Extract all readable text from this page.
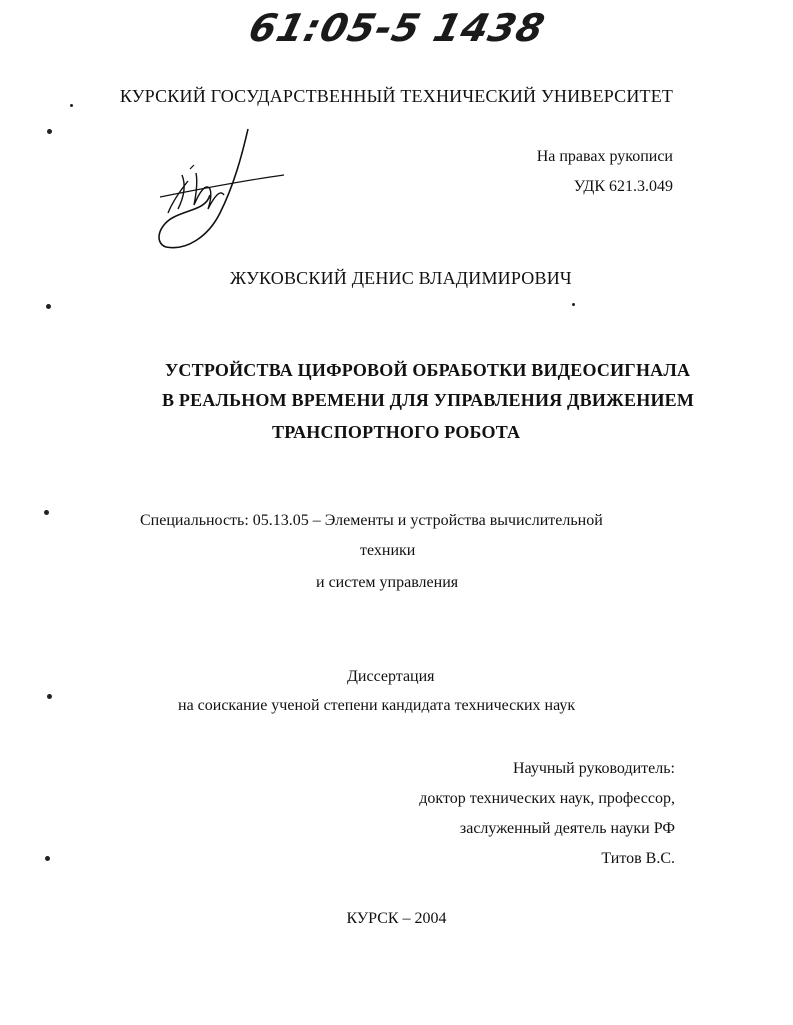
61:05-5 1438
КУРСКИЙ ГОСУДАРСТВЕННЫЙ ТЕХНИЧЕСКИЙ УНИВЕРСИТЕТ
На правах рукописи
УДК 621.3.049
ЖУКОВСКИЙ ДЕНИС ВЛАДИМИРОВИЧ
УСТРОЙСТВА ЦИФРОВОЙ ОБРАБОТКИ ВИДЕОСИГНАЛА
В РЕАЛЬНОМ ВРЕМЕНИ ДЛЯ УПРАВЛЕНИЯ ДВИЖЕНИЕМ
ТРАНСПОРТНОГО РОБОТА
Специальность: 05.13.05 – Элементы и устройства вычислительной
техники
и систем управления
Диссертация
на соискание ученой степени кандидата технических наук
Научный руководитель:
доктор технических наук, профессор,
заслуженный деятель науки РФ
Титов В.С.
КУРСК – 2004
